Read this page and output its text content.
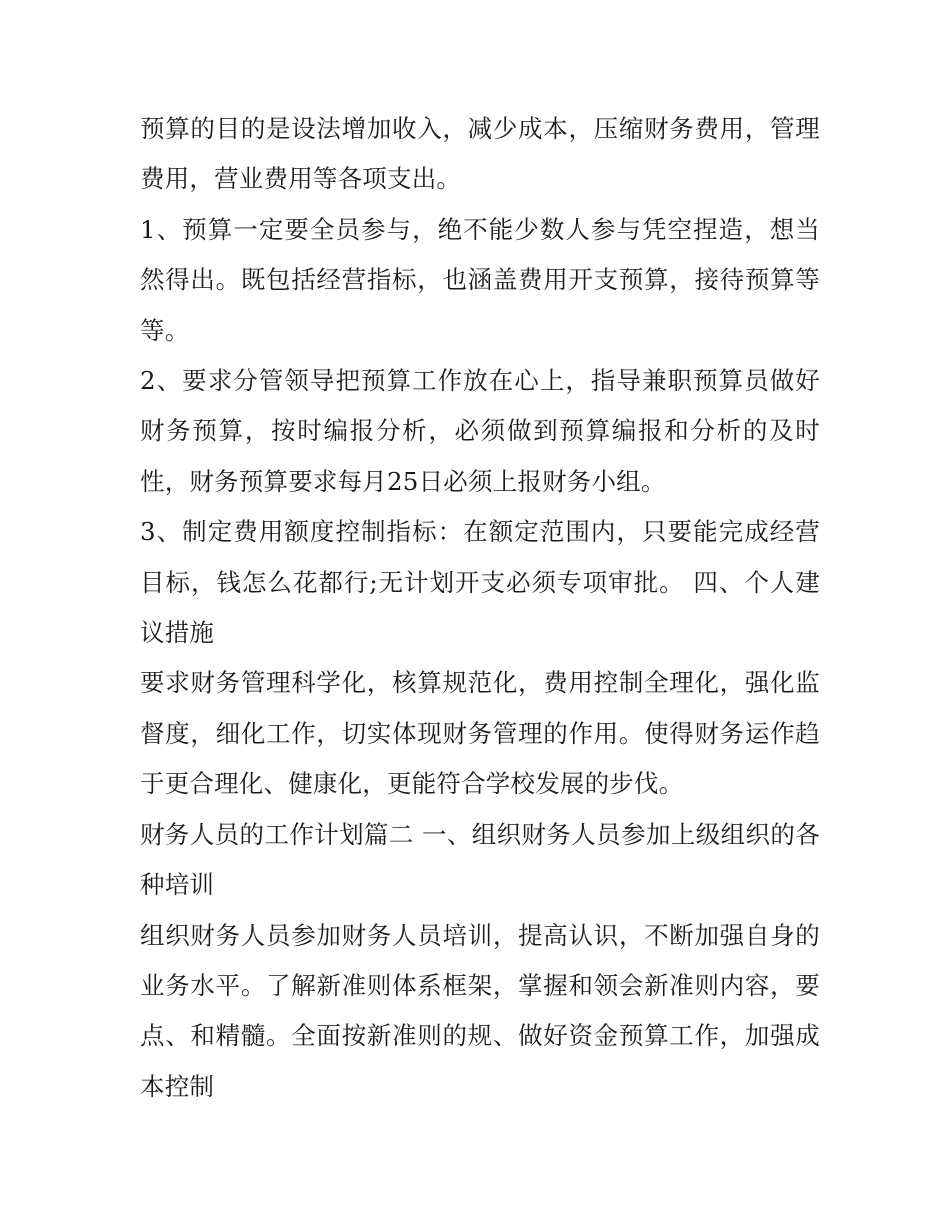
预算的目的是设法增加收入，减少成本，压缩财务费用，管理费用，营业费用等各项支出。

1、预算一定要全员参与，绝不能少数人参与凭空捏造，想当然得出。既包括经营指标，也涵盖费用开支预算，接待预算等等。

2、要求分管领导把预算工作放在心上，指导兼职预算员做好财务预算，按时编报分析，必须做到预算编报和分析的及时性，财务预算要求每月25日必须上报财务小组。

3、制定费用额度控制指标：在额定范围内，只要能完成经营目标，钱怎么花都行;无计划开支必须专项审批。 四、个人建议措施

要求财务管理科学化，核算规范化，费用控制全理化，强化监督度，细化工作，切实体现财务管理的作用。使得财务运作趋于更合理化、健康化，更能符合学校发展的步伐。

财务人员的工作计划篇二 一、组织财务人员参加上级组织的各种培训

组织财务人员参加财务人员培训，提高认识，不断加强自身的业务水平。了解新准则体系框架，掌握和领会新准则内容，要点、和精髓。全面按新准则的规、做好资金预算工作，加强成本控制
